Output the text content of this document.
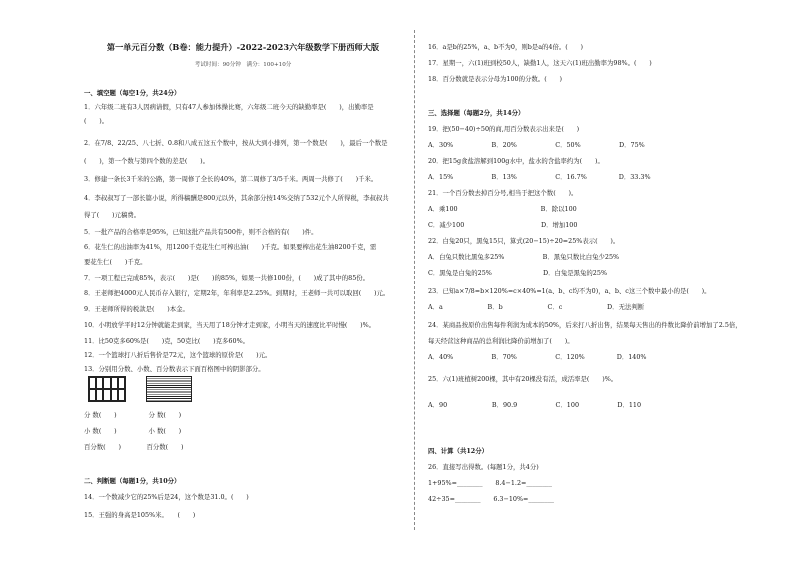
第一单元百分数（B卷：能力提升）-2022-2023六年级数学下册西师大版
考试时间：90分钟　满分：100+10分
一、填空题（每空1分，共24分）
1．六年级二班有3人因病请假，只有47人参加体操比赛，六年级二班今天的缺勤率是(　　)，出勤率是
(　　)。
2．在7/8、22/25、八七折、0.8和八成五这五个数中，按从大到小排列，第一个数是(　　)，最后一个数是
(　　)，第一个数与第四个数的差是(　　)。
3．修建一条长3千米的公路，第一周修了全长的40%，第二周修了3/5千米。两周一共修了(　　)千米。
4．李叔叔写了一部长篇小说，所得稿酬是800元以外，其余部分按14%交纳了532元个人所得税，李叔叔共
得了(　　)元稿费。
5．一批产品的合格率是95%，已知这批产品共有500件，则不合格的有(　　)件。
6．花生仁的出油率为41%，用1200千克花生仁可榨出油(　　)千克。如果要榨出花生油8200千克，需
要花生仁(　　)千克。
7．一项工程已完成85%，表示(　　)是(　　)的85%，如果一共修100份，(　　)成了其中的85份。
8．王老师把4000元人民币存入银行，定期2年，年利率是2.25%。到期时，王老师一共可以取回(　　)元。
9．王老师所得的税款是(　　)本金。
10．小明放学平时12分钟就能走到家，当天用了18分钟才走到家，小明当天的速度比平时慢(　　)%。
11．比50克多60%是(　　)克，50克比(　　)克多60%。
12．一个篮球打八折后售价是72元，这个篮球的原价是(　　)元。
13．分别用分数、小数、百分数表示下面百格图中的阴影部分。
分 数(　　)　　　　　分 数(　　)
小 数(　　)　　　　　小 数(　　)
百分数(　　)　　　　百分数(　　)
二、判断题（每题1分，共10分）
14．一个数减少它的25%后是24，这个数是31.0。(　　)
15．王强的身高是105%米。　　(　　)
16．a是b的25%，a、b不为0，则b是a的4倍。(　　)
17．星期一，六(1)班到校50人，缺勤1人，这天六(1)班出勤率为98%。(　　)
18．百分数就是表示分母为100的分数。(　　)
三、选择题（每题2分，共14分）
19．把(50−40)÷50的商,用百分数表示出来是(　　)
A．30%　　　　　　B．20%　　　　　　C．50%　　　　　　D．75%
20．把15g食盐溶解到100g水中，盐水的含盐率约为(　　)。
A．15%　　　　　　B．13%　　　　　　C．16.7%　　　　　D．33.3%
21．一个百分数去掉百分号,相当于把这个数(　　)。
A．乘100　　　　　　　　　　　　　B．除以100
C．减少100　　　　　　　　　　　　D．增加100
22．白兔20只，黑兔15只，算式(20−15)÷20=25%表示(　　)。
A．白兔只数比黑兔多25%　　　　　　B．黑兔只数比白兔少25%
C．黑兔是白兔的25%　　　　　　　　D．白兔是黑兔的25%
23．已知a×7/8=b×120%=c×40%=1(a、b、c均不为0)，a、b、c这三个数中最小的是(　　)。
A．a　　　　　　　B．b　　　　　　　C．c　　　　　　　D．无法判断
24．某商品按原价出售每件利润为成本的50%，后来打八折出售，结果每天售出的件数比降价前增加了2.5倍，
每天经营这种商品的总利润比降价前增加了(　　)。
A．40%　　　　　　B．70%　　　　　　C．120%　　　　　D．140%
25．六(1)班植树200棵，其中有20棵没有活，成活率是(　　)%。
A．90　　　　　　　B．90.9　　　　　　C．100　　　　　　D．110
四、计算（共12分）
26．直接写出得数。(每题1分，共4分)
1+95%=________　　8.4−1.2=________
42÷35=________　　6.3−10%=________
